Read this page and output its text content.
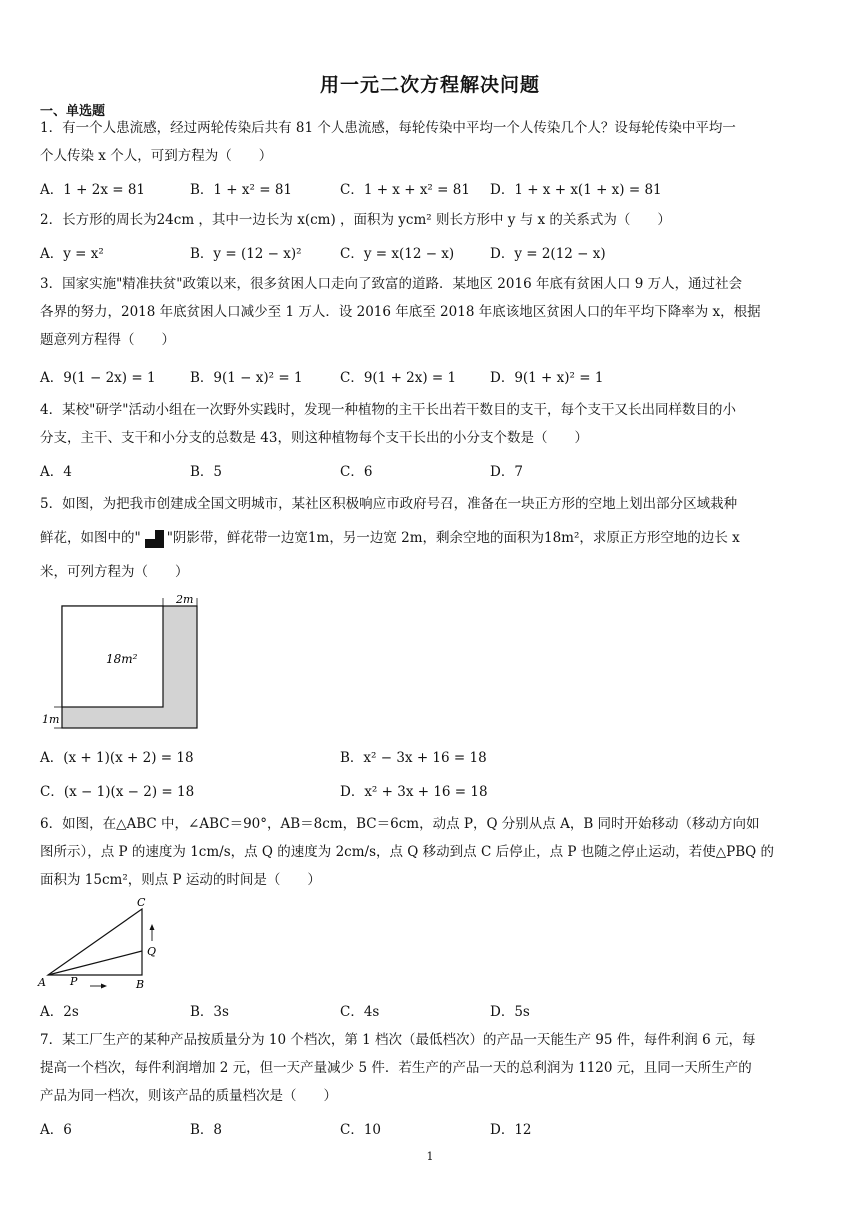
用一元二次方程解决问题
一、单选题
1．有一个人患流感，经过两轮传染后共有 81 个人患流感，每轮传染中平均一个人传染几个人？设每轮传染中平均一
个人传染 x 个人，可到方程为（　　）
A．1 + 2x = 81	B．1 + x² = 81	C．1 + x + x² = 81 D．1 + x + x(1 + x) = 81
2．长方形的周长为24cm ，其中一边长为 x(cm) ，面积为 ycm² 则长方形中 y 与 x 的关系式为（　　）
A．y = x²	B．y = (12 − x)²	C．y = x(12 − x)	D．y = 2(12 − x)
3．国家实施"精准扶贫"政策以来，很多贫困人口走向了致富的道路．某地区 2016 年底有贫困人口 9 万人，通过社会
各界的努力，2018 年底贫困人口减少至 1 万人．设 2016 年底至 2018 年底该地区贫困人口的年平均下降率为 x，根据
题意列方程得（　　）
A．9(1 − 2x) = 1	B．9(1 − x)² = 1	C．9(1 + 2x) = 1	D．9(1 + x)² = 1
4．某校"研学"活动小组在一次野外实践时，发现一种植物的主干长出若干数目的支干，每个支干又长出同样数目的小
分支，主干、支干和小分支的总数是 43，则这种植物每个支干长出的小分支个数是（　　）
A．4	B．5	C．6	D．7
5．如图，为把我市创建成全国文明城市，某社区积极响应市政府号召，准备在一块正方形的空地上划出部分区域栽种
鲜花，如图中的" "阴影带，鲜花带一边宽1m，另一边宽 2m，剩余空地的面积为18m²，求原正方形空地的边长 x
米，可列方程为（　　）
2m
18m²
1m
A．(x + 1)(x + 2) = 18	B．x² − 3x + 16 = 18
C．(x − 1)(x − 2) = 18	D．x² + 3x + 16 = 18
6．如图，在△ABC 中，∠ABC＝90°，AB＝8cm，BC＝6cm，动点 P，Q 分别从点 A，B 同时开始移动（移动方向如
图所示），点 P 的速度为 1cm/s，点 Q 的速度为 2cm/s，点 Q 移动到点 C 后停止，点 P 也随之停止运动，若使△PBQ 的
面积为 15cm²，则点 P 运动的时间是（　　）
A	B
C
P
Q
A．2s	B．3s	C．4s	D．5s
7．某工厂生产的某种产品按质量分为 10 个档次，第 1 档次（最低档次）的产品一天能生产 95 件，每件利润 6 元，每
提高一个档次，每件利润增加 2 元，但一天产量减少 5 件．若生产的产品一天的总利润为 1120 元，且同一天所生产的
产品为同一档次，则该产品的质量档次是（　　）
A．6	B．8	C．10	D．12
1
